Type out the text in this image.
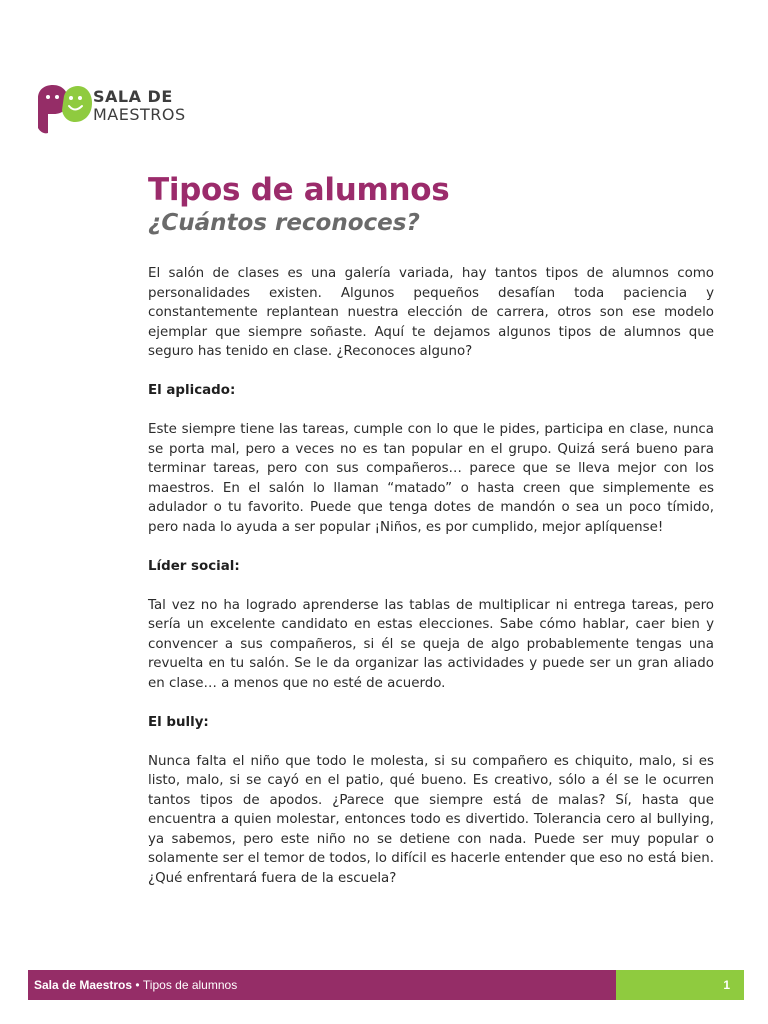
SALA DE
MAESTROS
Tipos de alumnos
¿Cuántos reconoces?

El salón de clases es una galería variada, hay tantos tipos de alumnos como personalidades existen. Algunos pequeños desafían toda paciencia y constantemente replantean nuestra elección de carrera, otros son ese modelo ejemplar que siempre soñaste. Aquí te dejamos algunos tipos de alumnos que seguro has tenido en clase. ¿Reconoces alguno?

El aplicado:

Este siempre tiene las tareas, cumple con lo que le pides, participa en clase, nunca se porta mal, pero a veces no es tan popular en el grupo. Quizá será bueno para terminar tareas, pero con sus compañeros… parece que se lleva mejor con los maestros. En el salón lo llaman “matado” o hasta creen que simplemente es adulador o tu favorito. Puede que tenga dotes de mandón o sea un poco tímido, pero nada lo ayuda a ser popular ¡Niños, es por cumplido, mejor aplíquense!

Líder social:

Tal vez no ha logrado aprenderse las tablas de multiplicar ni entrega tareas, pero sería un excelente candidato en estas elecciones. Sabe cómo hablar, caer bien y convencer a sus compañeros, si él se queja de algo probablemente tengas una revuelta en tu salón. Se le da organizar las actividades y puede ser un gran aliado en clase… a menos que no esté de acuerdo.

El bully:

Nunca falta el niño que todo le molesta, si su compañero es chiquito, malo, si es listo, malo, si se cayó en el patio, qué bueno. Es creativo, sólo a él se le ocurren tantos tipos de apodos. ¿Parece que siempre está de malas? Sí, hasta que encuentra a quien molestar, entonces todo es divertido. Tolerancia cero al bullying, ya sabemos, pero este niño no se detiene con nada. Puede ser muy popular o solamente ser el temor de todos, lo difícil es hacerle entender que eso no está bien. ¿Qué enfrentará fuera de la escuela?

Sala de Maestros • Tipos de alumnos	1
